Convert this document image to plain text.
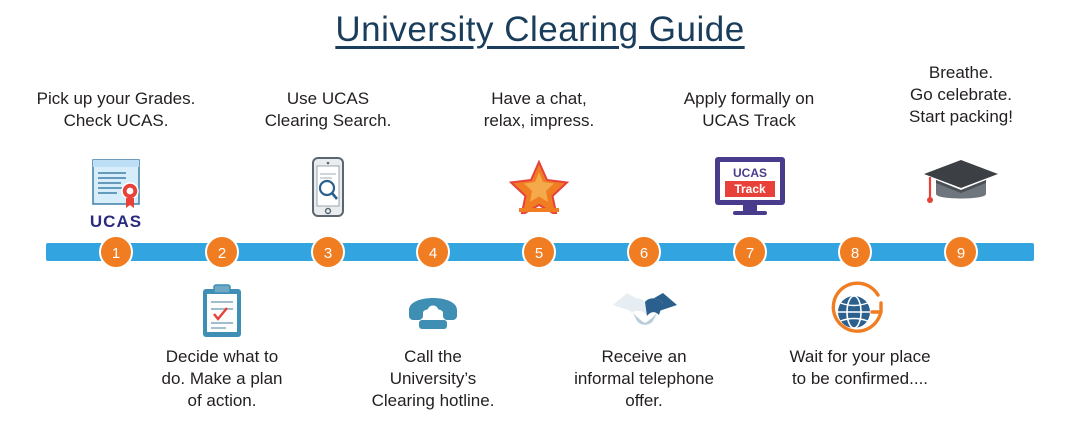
University Clearing Guide
1	2	3	4	5	6	7	8	9
Pick up your Grades.
Check UCAS.
UCAS
Decide what to
do. Make a plan
of action.
Use UCAS
Clearing Search.
Call the
University’s
Clearing hotline.
Have a chat,
relax, impress.
Receive an
informal telephone
offer.
Apply formally on
UCAS Track
UCAS
Track
Wait for your place
to be confirmed....
Breathe.
Go celebrate.
Start packing!
